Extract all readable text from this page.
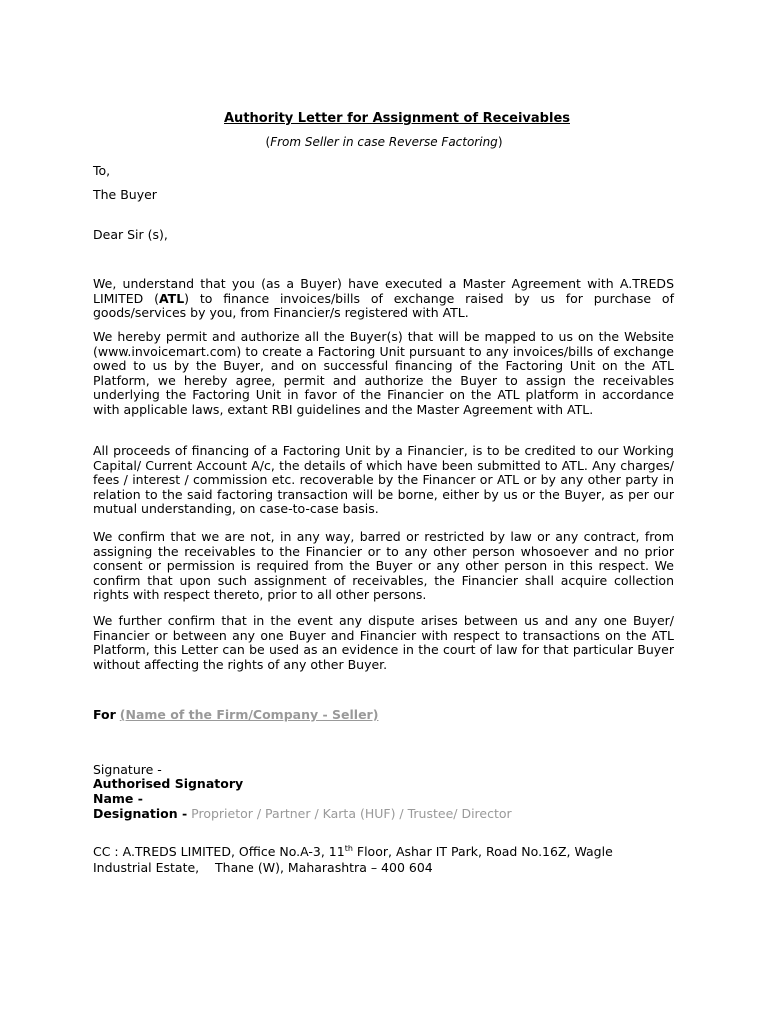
Authority Letter for Assignment of Receivables
(From Seller in case Reverse Factoring)
To,
The Buyer
Dear Sir (s),
We, understand that you (as a Buyer) have executed a Master Agreement with A.TREDS LIMITED (ATL) to finance invoices/bills of exchange raised by us for purchase of goods/services by you, from Financier/s registered with ATL.
We hereby permit and authorize all the Buyer(s) that will be mapped to us on the Website (www.invoicemart.com) to create a Factoring Unit pursuant to any invoices/bills of exchange owed to us by the Buyer, and on successful financing of the Factoring Unit on the ATL Platform, we hereby agree, permit and authorize the Buyer to assign the receivables underlying the Factoring Unit in favor of the Financier on the ATL platform in accordance with applicable laws, extant RBI guidelines and the Master Agreement with ATL.
All proceeds of financing of a Factoring Unit by a Financier, is to be credited to our Working Capital/ Current Account A/c, the details of which have been submitted to ATL. Any charges/ fees / interest / commission etc. recoverable by the Financer or ATL or by any other party in relation to the said factoring transaction will be borne, either by us or the Buyer, as per our mutual understanding, on case-to-case basis.
We confirm that we are not, in any way, barred or restricted by law or any contract, from assigning the receivables to the Financier or to any other person whosoever and no prior consent or permission is required from the Buyer or any other person in this respect. We confirm that upon such assignment of receivables, the Financier shall acquire collection rights with respect thereto, prior to all other persons.
We further confirm that in the event any dispute arises between us and any one Buyer/ Financier or between any one Buyer and Financier with respect to transactions on the ATL Platform, this Letter can be used as an evidence in the court of law for that particular Buyer without affecting the rights of any other Buyer.
For (Name of the Firm/Company - Seller)
Signature -
Authorised Signatory
Name -
Designation - Proprietor / Partner / Karta (HUF) / Trustee/ Director
CC : A.TREDS LIMITED, Office No.A-3, 11th Floor, Ashar IT Park, Road No.16Z, Wagle
Industrial Estate,    Thane (W), Maharashtra – 400 604
